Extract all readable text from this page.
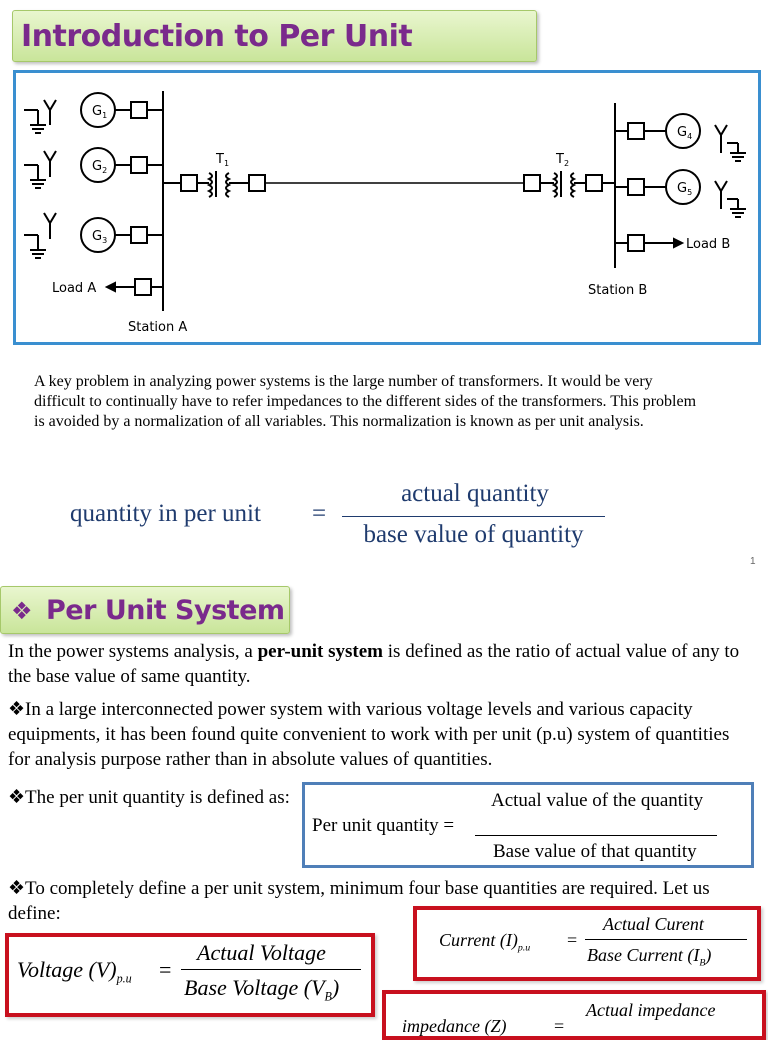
Introduction to Per Unit
$G_1$
$G_2$
$G_3$
$G_4$
$G_5$
$T_1$	$T_2$
Load A
Load B
Station A
Station B
A key problem in analyzing power systems is the large number of transformers. It would be very difficult to continually have to refer impedances to the different sides of the transformers. This problem is avoided by a normalization of all variables. This normalization is known as per unit analysis.
quantity in per unit =
actual quantity
base value of quantity
1
❖ Per Unit System
In the power systems analysis, a per-unit system is defined as the ratio of actual value of any to the base value of same quantity.
❖In a large interconnected power system with various voltage levels and various capacity equipments, it has been found quite convenient to work with per unit (p.u) system of quantities for analysis purpose rather than in absolute values of quantities.
❖The per unit quantity is defined as:
Per unit quantity =
Actual value of the quantity
Base value of that quantity
❖To completely define a per unit system, minimum four base quantities are required. Let us define:
Voltage $(V)_{p.u}$ =
Actual Voltage
Base Voltage $(V_B)$
Current $(I)_{p.u}$ =
Actual Curent
Base Current $(I_B)$
impedance (Z)	=
Actual impedance
